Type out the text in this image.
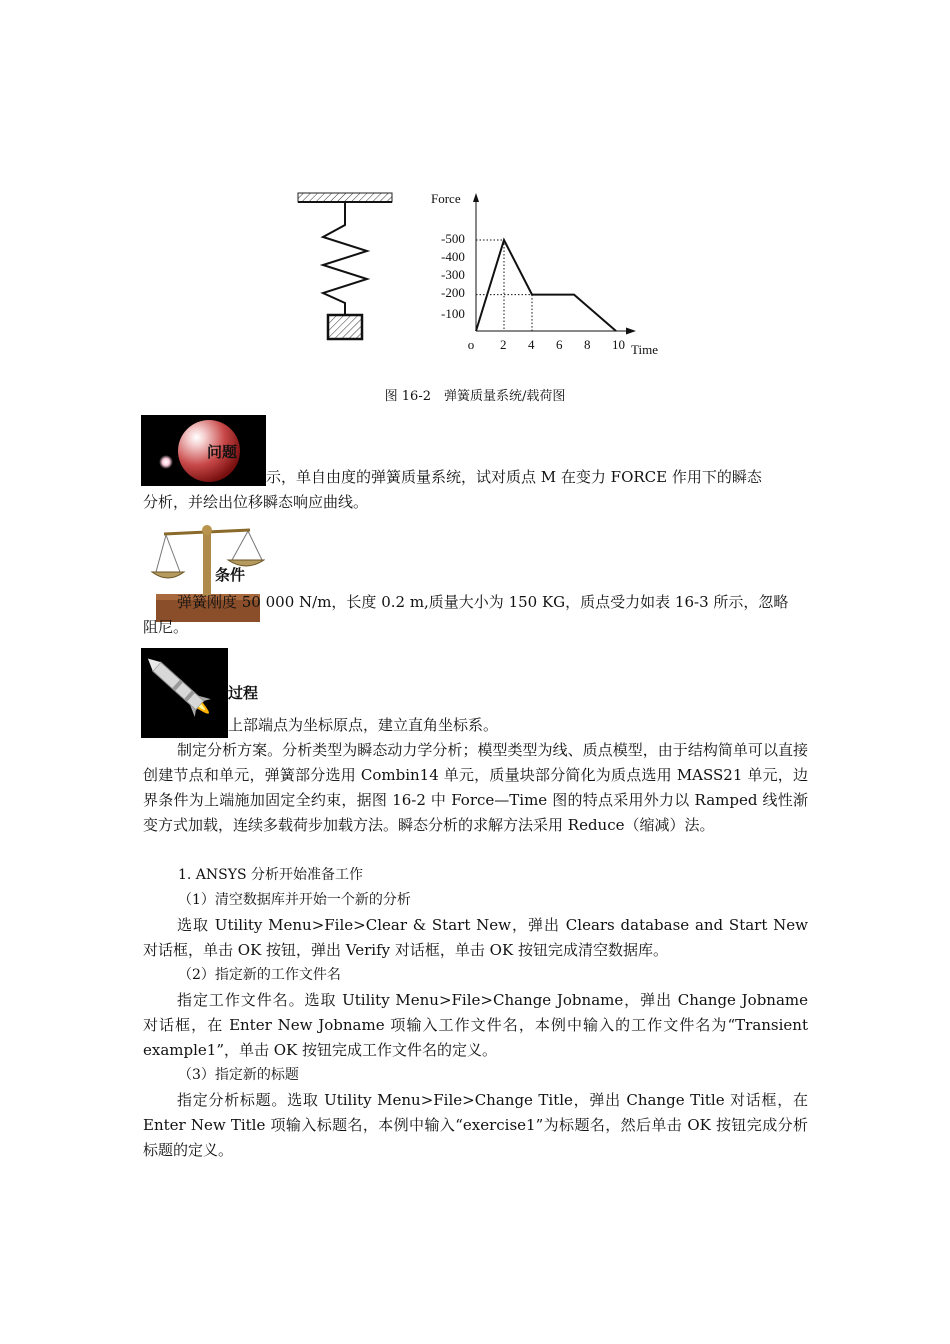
Force
Time
-500
-400
-300
-200
-100
o 2 4 6 8 10
图 16-2　弹簧质量系统/载荷图
问题
示，单自由度的弹簧质量系统，试对质点 M 在变力 FORCE 作用下的瞬态
分析，并绘出位移瞬态响应曲线。
条件
弹簧刚度 50 000 N/m，长度 0.2 m,质量大小为 150 KG，质点受力如表 16-3 所示，忽略
阻尼。
过程
上部端点为坐标原点，建立直角坐标系。
制定分析方案。分析类型为瞬态动力学分析；模型类型为线、质点模型，由于结构简单可以直接创建节点和单元，弹簧部分选用 Combin14 单元，质量块部分简化为质点选用 MASS21 单元，边界条件为上端施加固定全约束，据图 16-2 中 Force—Time 图的特点采用外力以 Ramped 线性渐变方式加载，连续多载荷步加载方法。瞬态分析的求解方法采用 Reduce（缩减）法。
1. ANSYS 分析开始准备工作
（1）清空数据库并开始一个新的分析
选取 Utility Menu>File>Clear & Start New，弹出 Clears database and Start New 对话框，单击 OK 按钮，弹出 Verify 对话框，单击 OK 按钮完成清空数据库。
（2）指定新的工作文件名
指定工作文件名。选取 Utility Menu>File>Change Jobname，弹出 Change Jobname 对话框，在 Enter New Jobname 项输入工作文件名，本例中输入的工作文件名为“Transient example1”，单击 OK 按钮完成工作文件名的定义。
（3）指定新的标题
指定分析标题。选取 Utility Menu>File>Change Title，弹出 Change Title 对话框，在 Enter New Title 项输入标题名，本例中输入“exercise1”为标题名，然后单击 OK 按钮完成分析标题的定义。
